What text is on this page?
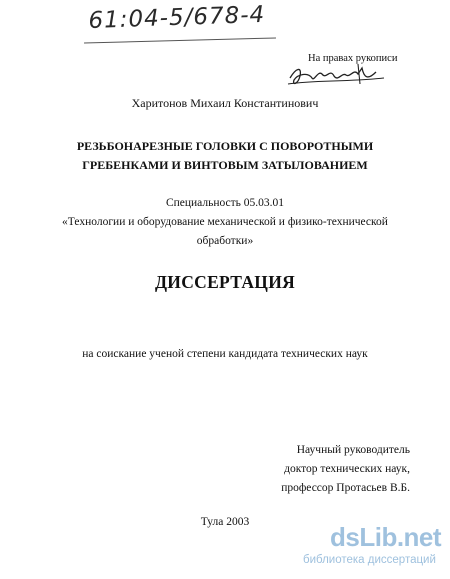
61:04-5/678-4
На правах рукописи
Харитонов Михаил Константинович
РЕЗЬБОНАРЕЗНЫЕ ГОЛОВКИ С ПОВОРОТНЫМИ
ГРЕБЕНКАМИ И ВИНТОВЫМ ЗАТЫЛОВАНИЕМ
Специальность 05.03.01
«Технологии и оборудование механической и физико-технической
обработки»
ДИССЕРТАЦИЯ
на соискание ученой степени кандидата технических наук
Научный руководитель
доктор технических наук,
профессор Протасьев В.Б.
Тула 2003	dsLib.net
библиотека диссертаций
